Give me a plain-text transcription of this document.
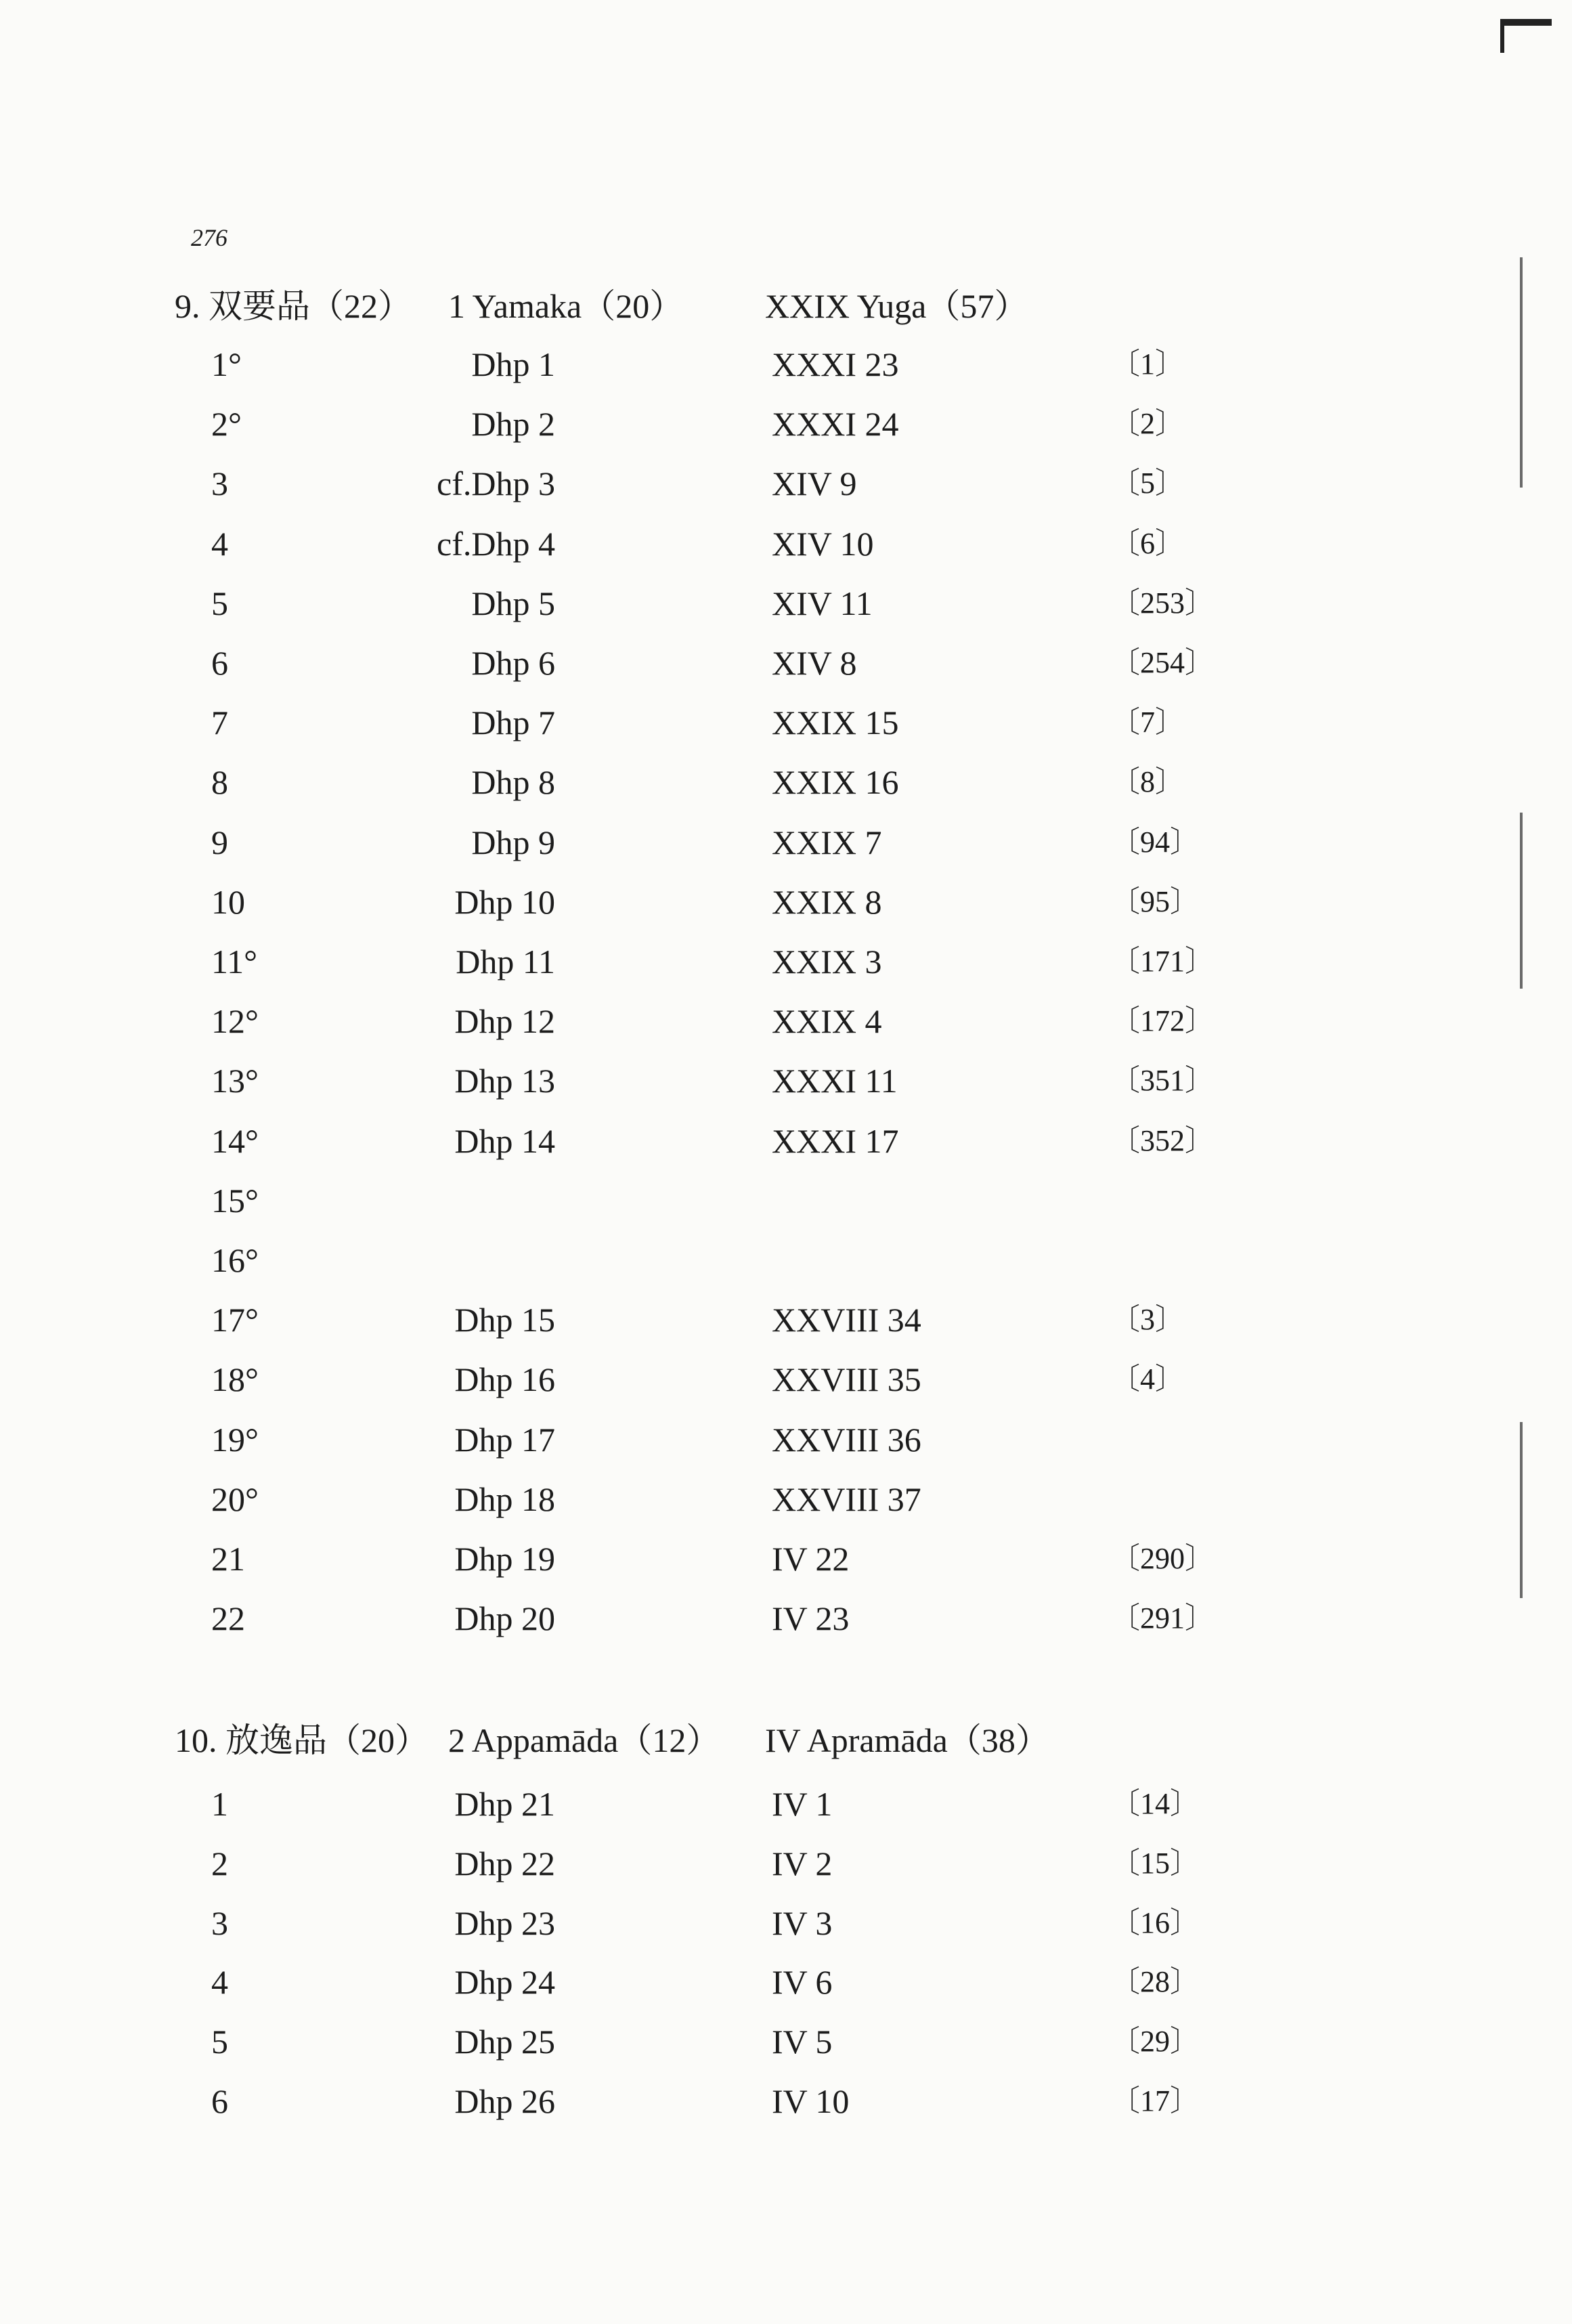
276
9. 双要品（22） 1 Yamaka（20） XXIX Yuga（57）
1°	Dhp 1	XXXI 23	〔1〕
2°	Dhp 2	XXXI 24	〔2〕
3	cf.Dhp 3	XIV 9	〔5〕
4	cf.Dhp 4	XIV 10	〔6〕
5	Dhp 5	XIV 11	〔253〕
6	Dhp 6	XIV 8	〔254〕
7	Dhp 7	XXIX 15	〔7〕
8	Dhp 8	XXIX 16	〔8〕
9	Dhp 9	XXIX 7	〔94〕
10	Dhp 10	XXIX 8	〔95〕
11°	Dhp 11	XXIX 3	〔171〕
12°	Dhp 12	XXIX 4	〔172〕
13°	Dhp 13	XXXI 11	〔351〕
14°	Dhp 14	XXXI 17	〔352〕
15°
16°
17°	Dhp 15	XXVIII 34	〔3〕
18°	Dhp 16	XXVIII 35	〔4〕
19°	Dhp 17	XXVIII 36
20°	Dhp 18	XXVIII 37
21	Dhp 19	IV 22	〔290〕
22	Dhp 20	IV 23	〔291〕
10. 放逸品（20） 2 Appamāda（12） IV Apramāda（38）
1	Dhp 21	IV 1	〔14〕
2	Dhp 22	IV 2	〔15〕
3	Dhp 23	IV 3	〔16〕
4	Dhp 24	IV 6	〔28〕
5	Dhp 25	IV 5	〔29〕
6	Dhp 26	IV 10	〔17〕
